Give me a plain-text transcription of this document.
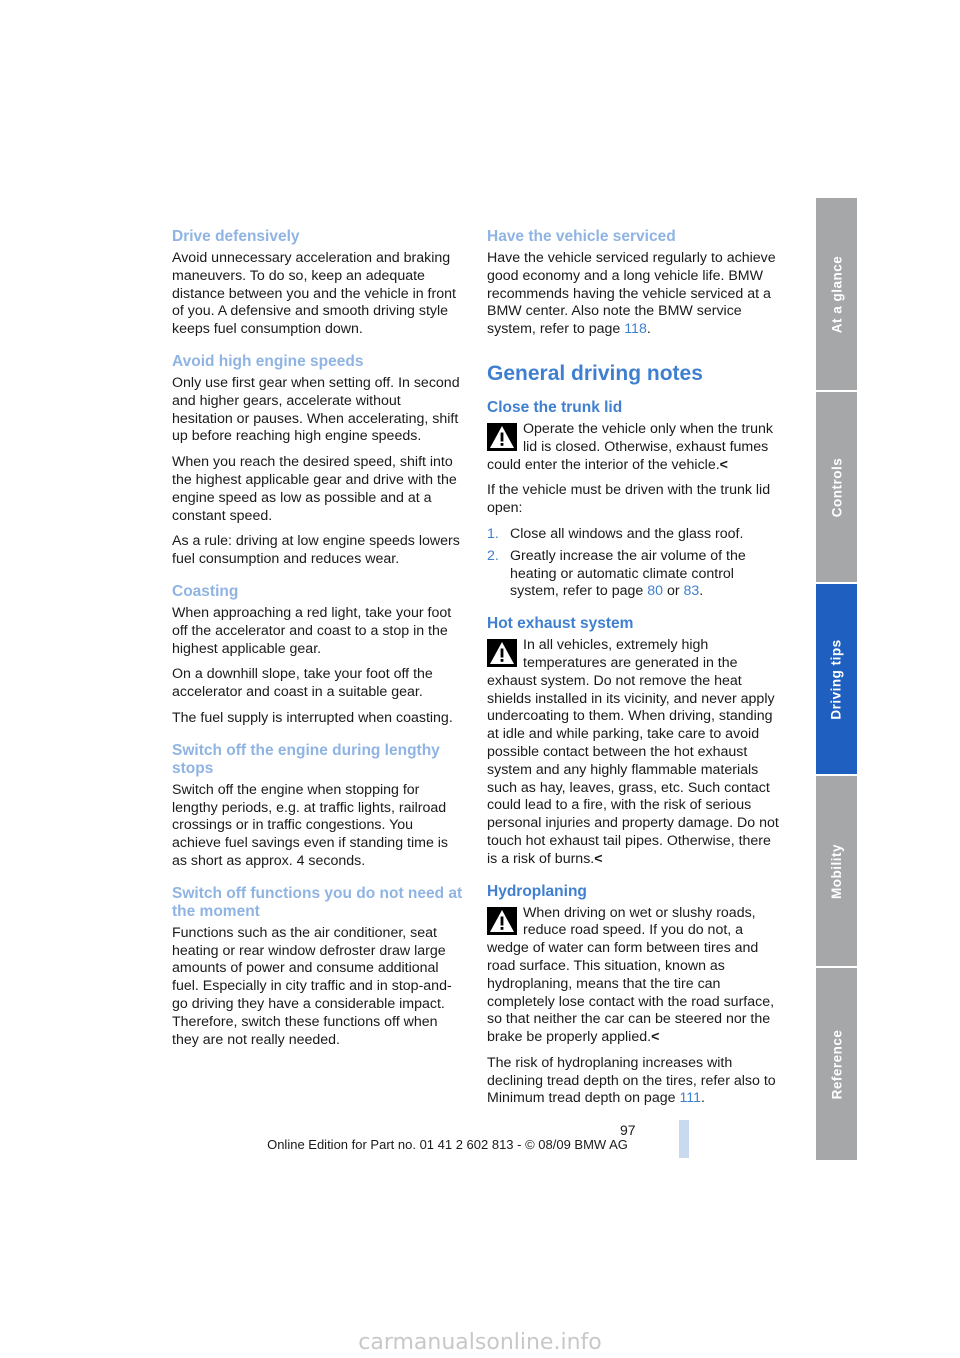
Drive defensively

Avoid unnecessary acceleration and braking maneuvers. To do so, keep an adequate distance between you and the vehicle in front of you. A defensive and smooth driving style keeps fuel consumption down.

Avoid high engine speeds

Only use first gear when setting off. In second and higher gears, accelerate without hesitation or pauses. When accelerating, shift up before reaching high engine speeds.

When you reach the desired speed, shift into the highest applicable gear and drive with the engine speed as low as possible and at a constant speed.

As a rule: driving at low engine speeds lowers fuel consumption and reduces wear.

Coasting

When approaching a red light, take your foot off the accelerator and coast to a stop in the highest applicable gear.

On a downhill slope, take your foot off the accelerator and coast in a suitable gear.

The fuel supply is interrupted when coasting.

Switch off the engine during lengthy stops

Switch off the engine when stopping for lengthy periods, e.g. at traffic lights, railroad crossings or in traffic congestions. You achieve fuel savings even if standing time is as short as approx. 4 seconds.

Switch off functions you do not need at the moment

Functions such as the air conditioner, seat heating or rear window defroster draw large amounts of power and consume additional fuel. Especially in city traffic and in stop-and-go driving they have a considerable impact. Therefore, switch these functions off when they are not really needed.

Have the vehicle serviced

Have the vehicle serviced regularly to achieve good economy and a long vehicle life. BMW recommends having the vehicle serviced at a BMW center. Also note the BMW service system, refer to page 118.

General driving notes
Close the trunk lid

Operate the vehicle only when the trunk lid is closed. Otherwise, exhaust fumes could enter the interior of the vehicle.<

If the vehicle must be driven with the trunk lid open:

1. Close all windows and the glass roof.
2. Greatly increase the air volume of the heating or automatic climate control system, refer to page 80 or 83.
Hot exhaust system

In all vehicles, extremely high temperatures are generated in the exhaust system. Do not remove the heat shields installed in its vicinity, and never apply undercoating to them. When driving, standing at idle and while parking, take care to avoid possible contact between the hot exhaust system and any highly flammable materials such as hay, leaves, grass, etc. Such contact could lead to a fire, with the risk of serious personal injuries and property damage. Do not touch hot exhaust tail pipes. Otherwise, there is a risk of burns.<

Hydroplaning

When driving on wet or slushy roads, reduce road speed. If you do not, a wedge of water can form between tires and road surface. This situation, known as hydroplaning, means that the tire can completely lose contact with the road surface, so that neither the car can be steered nor the brake be properly applied.<

The risk of hydroplaning increases with declining tread depth on the tires, refer also to Minimum tread depth on page 111.

At a glance
Controls
Driving tips
Mobility
Reference
97
Online Edition for Part no. 01 41 2 602 813 - © 08/09 BMW AG
carmanualsonline.info
